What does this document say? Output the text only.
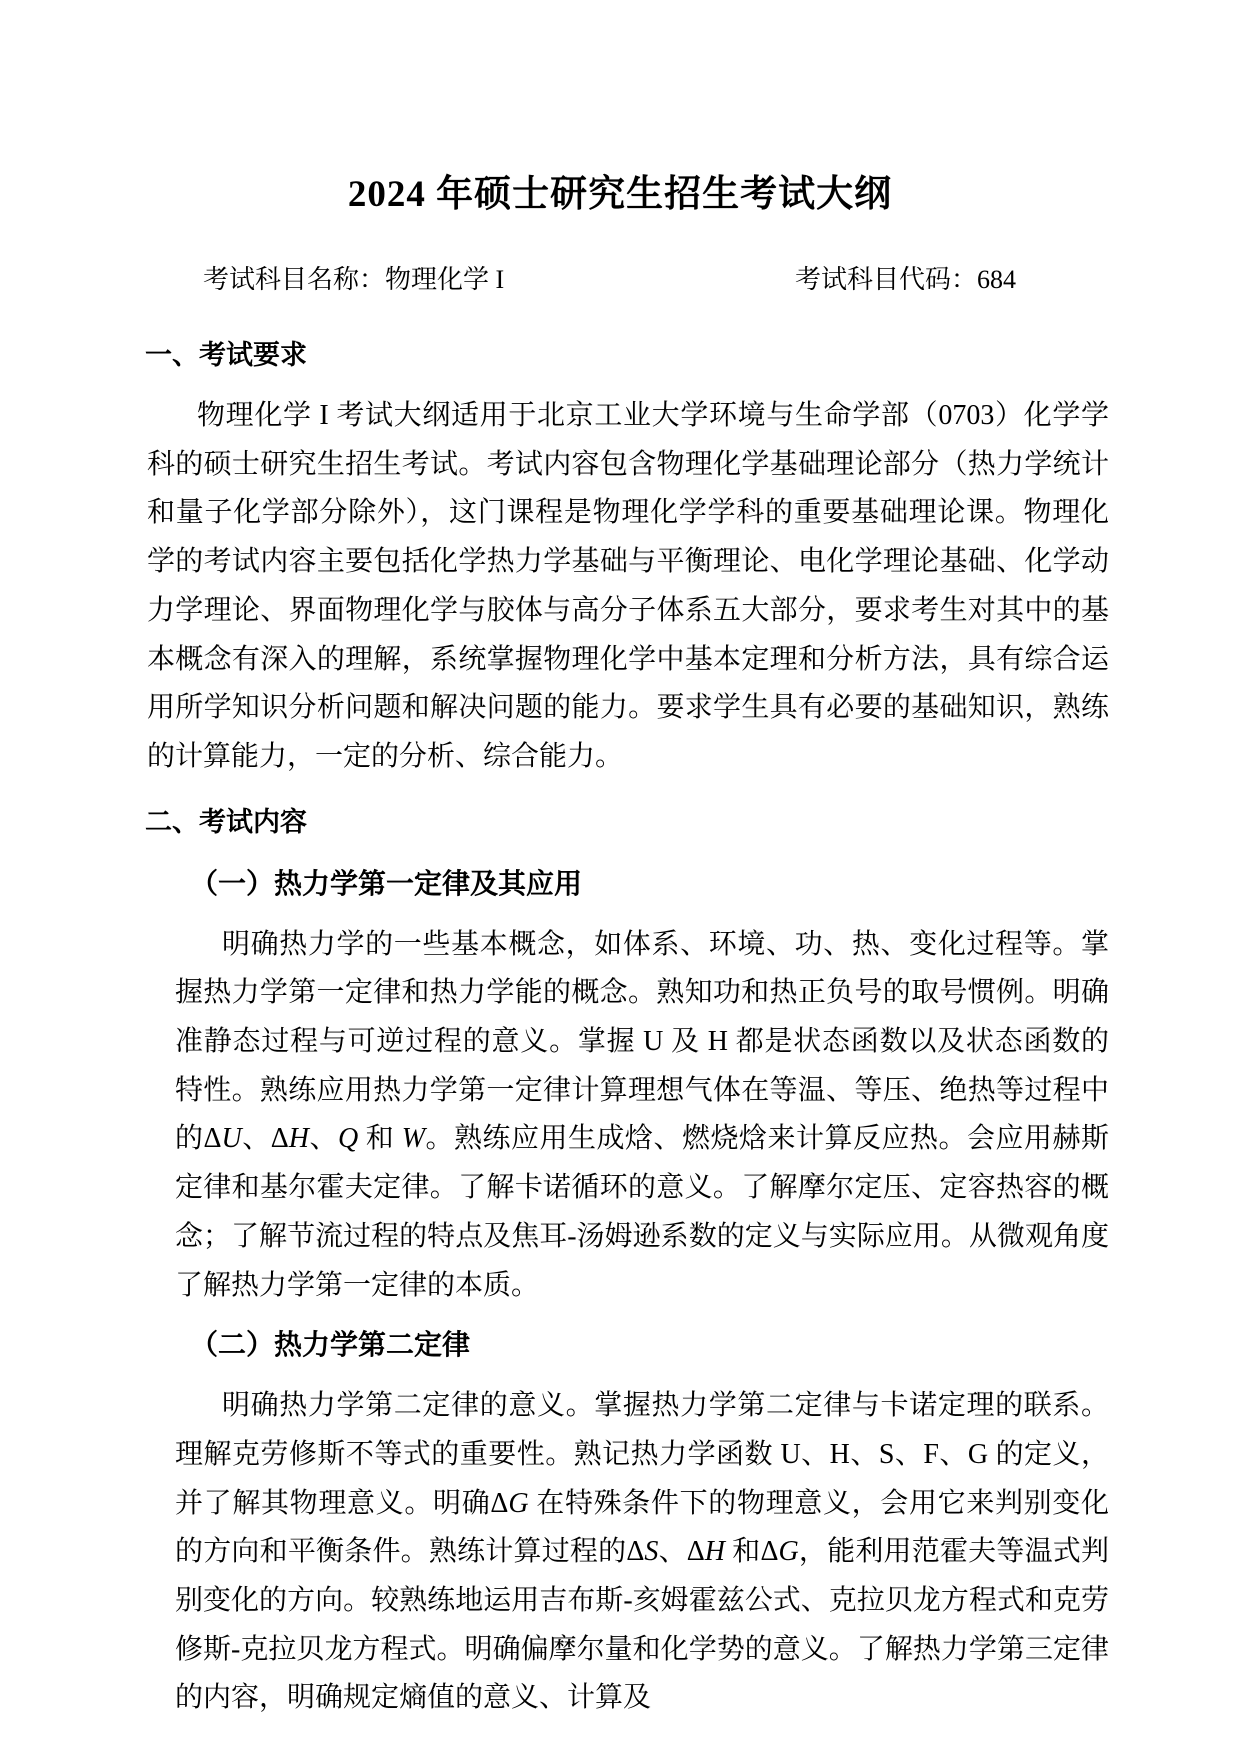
2024 年硕士研究生招生考试大纲
考试科目名称：物理化学 I	考试科目代码：684
一、考试要求

物理化学 I 考试大纲适用于北京工业大学环境与生命学部（0703）化学学科的硕士研究生招生考试。考试内容包含物理化学基础理论部分（热力学统计和量子化学部分除外），这门课程是物理化学学科的重要基础理论课。物理化学的考试内容主要包括化学热力学基础与平衡理论、电化学理论基础、化学动力学理论、界面物理化学与胶体与高分子体系五大部分，要求考生对其中的基本概念有深入的理解，系统掌握物理化学中基本定理和分析方法，具有综合运用所学知识分析问题和解决问题的能力。要求学生具有必要的基础知识，熟练的计算能力，一定的分析、综合能力。

二、考试内容
（一）热力学第一定律及其应用

明确热力学的一些基本概念，如体系、环境、功、热、变化过程等。掌握热力学第一定律和热力学能的概念。熟知功和热正负号的取号惯例。明确准静态过程与可逆过程的意义。掌握 U 及 H 都是状态函数以及状态函数的特性。熟练应用热力学第一定律计算理想气体在等温、等压、绝热等过程中的ΔU、ΔH、Q 和 W。熟练应用生成焓、燃烧焓来计算反应热。会应用赫斯定律和基尔霍夫定律。了解卡诺循环的意义。了解摩尔定压、定容热容的概念；了解节流过程的特点及焦耳-汤姆逊系数的定义与实际应用。从微观角度了解热力学第一定律的本质。

（二）热力学第二定律

明确热力学第二定律的意义。掌握热力学第二定律与卡诺定理的联系。理解克劳修斯不等式的重要性。熟记热力学函数 U、H、S、F、G 的定义，并了解其物理意义。明确ΔG 在特殊条件下的物理意义，会用它来判别变化的方向和平衡条件。熟练计算过程的ΔS、ΔH 和ΔG，能利用范霍夫等温式判别变化的方向。较熟练地运用吉布斯-亥姆霍兹公式、克拉贝龙方程式和克劳修斯-克拉贝龙方程式。明确偏摩尔量和化学势的意义。了解热力学第三定律的内容，明确规定熵值的意义、计算及
